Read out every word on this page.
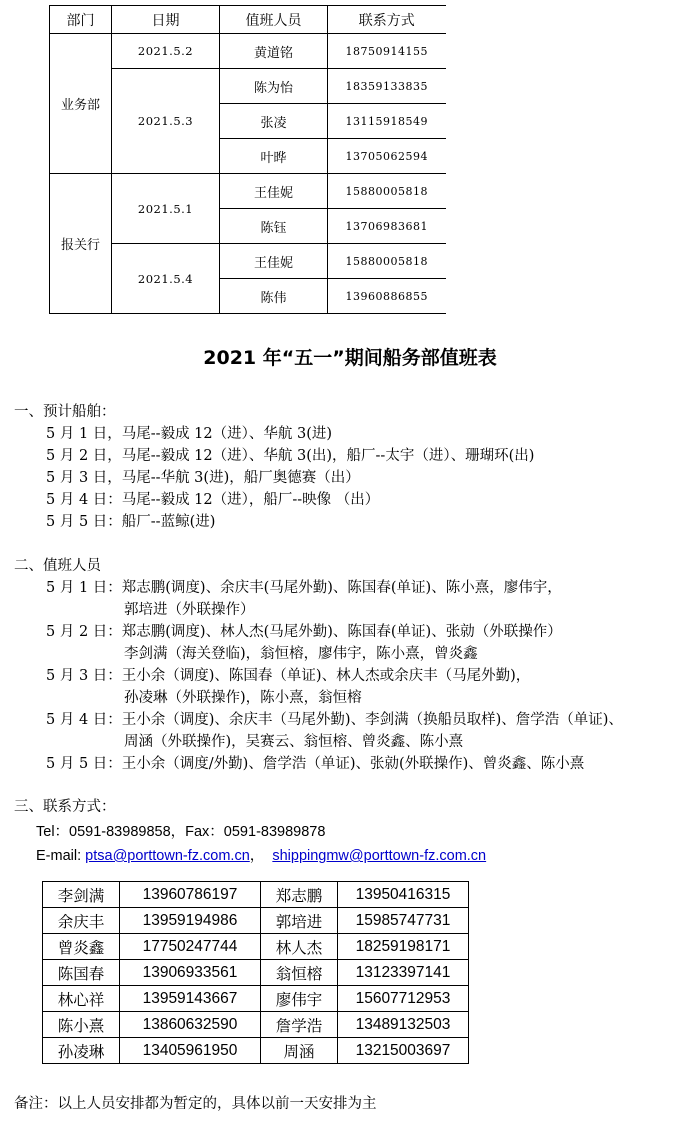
部门	日期	值班人员	联系方式
业务部	2021.5.2	黄道铭	18750914155
	2021.5.3	陈为怡	18359133835
		张凌	13115918549
		叶晔	13705062594
报关行	2021.5.1	王佳妮	15880005818
		陈钰	13706983681
	2021.5.4	王佳妮	15880005818
		陈伟	13960886855
2021 年“五一”期间船务部值班表
一、预计船舶：
5 月 1 日，马尾--毅成 12（进）、华航 3(进)
5 月 2 日，马尾--毅成 12（进）、华航 3(出)，船厂--太宇（进）、珊瑚环(出)
5 月 3 日，马尾--华航 3(进)，船厂奥德赛（出）
5 月 4 日：马尾--毅成 12（进），船厂--映像 （出）
5 月 5 日：船厂--蓝鲸(进)
二、值班人员
5 月 1 日：郑志鹏(调度)、余庆丰(马尾外勤)、陈国春(单证)、陈小熹，廖伟宇，
郭培进（外联操作）
5 月 2 日：郑志鹏(调度)、林人杰(马尾外勤)、陈国春(单证)、张勍（外联操作）
李剑满（海关登临)，翁恒榕，廖伟宇，陈小熹，曾炎鑫
5 月 3 日：王小余（调度)、陈国春（单证)、林人杰或余庆丰（马尾外勤)，
孙凌琳（外联操作)，陈小熹，翁恒榕
5 月 4 日：王小余（调度)、余庆丰（马尾外勤)、李剑满（换船员取样)、詹学浩（单证)、
周涵（外联操作)，吴赛云、翁恒榕、曾炎鑫、陈小熹
5 月 5 日：王小余（调度/外勤)、詹学浩（单证)、张勍(外联操作)、曾炎鑫、陈小熹
三、联系方式：
Tel：0591-83989858，Fax：0591-83989878
E-mail: ptsa@porttown-fz.com.cn，  shippingmw@porttown-fz.com.cn
李剑满	13960786197	郑志鹏	13950416315
余庆丰	13959194986	郭培进	15985747731
曾炎鑫	17750247744	林人杰	18259198171
陈国春	13906933561	翁恒榕	13123397141
林心祥	13959143667	廖伟宇	15607712953
陈小熹	13860632590	詹学浩	13489132503
孙凌琳	13405961950	周涵	13215003697
备注：以上人员安排都为暂定的，具体以前一天安排为主
